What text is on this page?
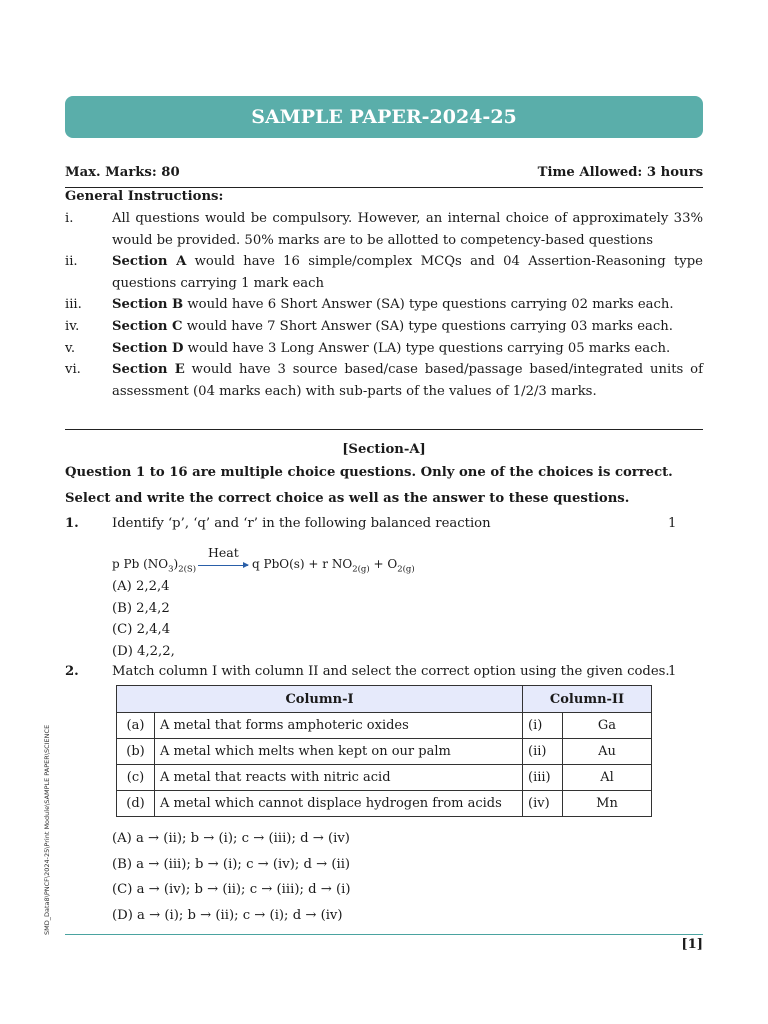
SAMPLE PAPER-2024-25
Max. Marks: 80	Time Allowed: 3 hours
General Instructions:
i.	All questions would be compulsory. However, an internal choice of approximately 33% would be provided. 50% marks are to be allotted to competency-based questions
ii.	Section A would have 16 simple/complex MCQs and 04 Assertion-Reasoning type questions carrying 1 mark each
iii.	Section B would have 6 Short Answer (SA) type questions carrying 02 marks each.
iv.	Section C would have 7 Short Answer (SA) type questions carrying 03 marks each.
v.	Section D would have 3 Long Answer (LA) type questions carrying 05 marks each.
vi.	Section E would have 3 source based/case based/passage based/integrated units of assessment (04 marks each) with sub-parts of the values of 1/2/3 marks.
[Section-A]
Question 1 to 16 are multiple choice questions. Only one of the choices is correct. Select and write the correct choice as well as the answer to these questions.
1.	Identify ‘p’, ‘q’ and ‘r’ in the following balanced reaction	1
p Pb $(NO_3)_{2(S)}$
Heat
q PbO(s) + r $NO_{2(g)} + O_{2(g)}$
(A) 2,2,4
(B) 2,4,2
(C) 2,4,4
(D) 4,2,2,
2.	Match column I with column II and select the correct option using the given codes.
1
Column-I		Column-II	
(a)	A metal that forms amphoteric oxides	(i)	Ga
(b)	A metal which melts when kept on our palm	(ii)	Au
(c)	A metal that reacts with nitric acid	(iii)	Al
(d)	A metal which cannot displace hydrogen from acids	(iv)	Mn
(A) a → (ii); b → (i); c → (iii); d → (iv)
(B) a → (iii); b → (i); c → (iv); d → (ii)
(C) a → (iv); b → (ii); c → (iii); d → (i)
(D) a → (i); b → (ii); c → (i); d → (iv)
SMD_Data8\PNCF\2024-25\Print Module\SAMPLE PAPER\SCIENCE
[1]
